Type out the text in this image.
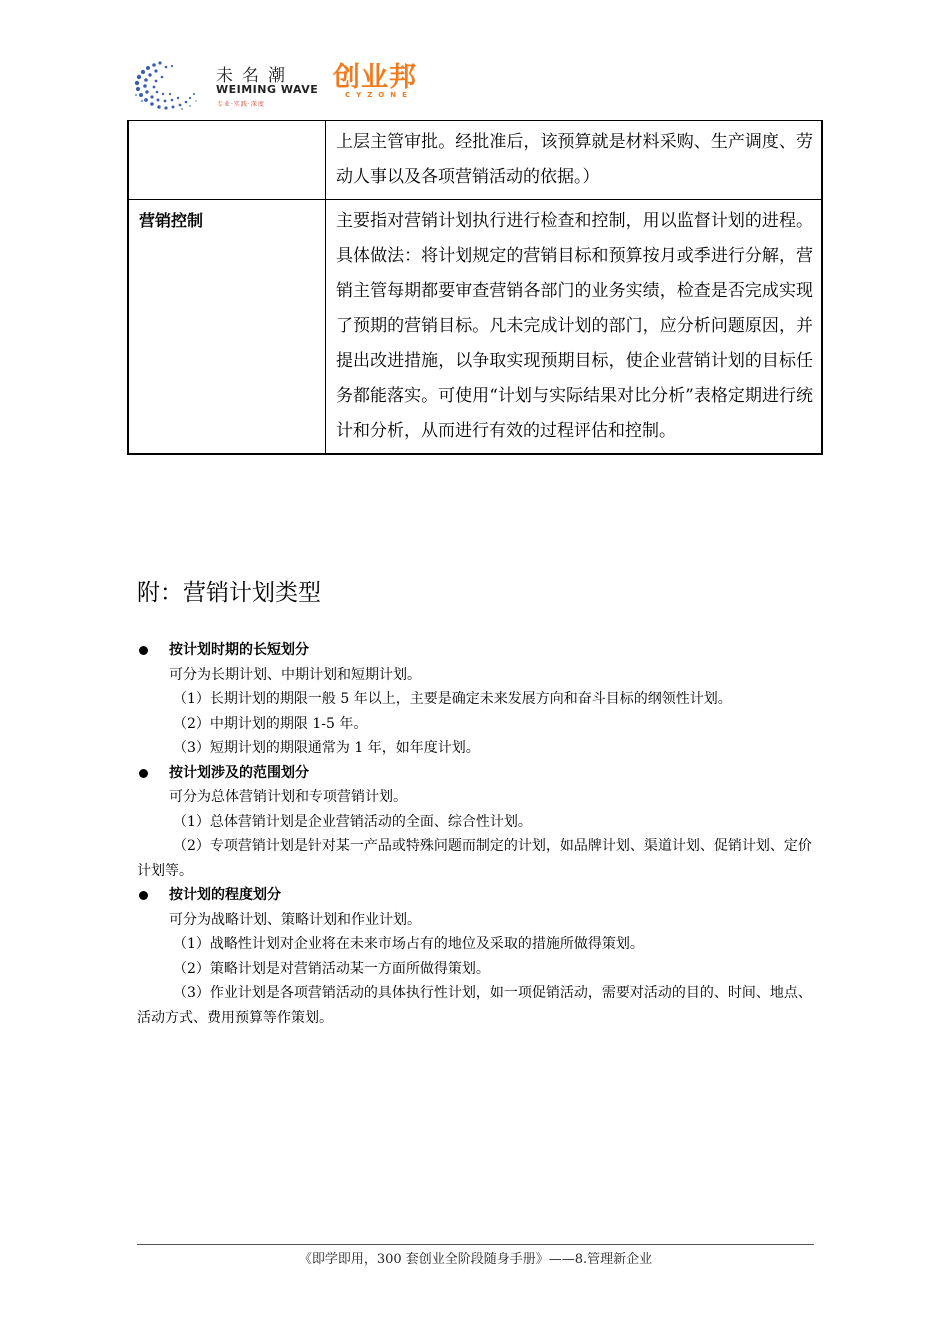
未名潮
WEIMING WAVE
专业·实践·深度
创业邦
CYZONE
	上层主管审批。经批准后，该预算就是材料采购、生产调度、劳动人事以及各项营销活动的依据。）
营销控制	主要指对营销计划执行进行检查和控制，用以监督计划的进程。具体做法：将计划规定的营销目标和预算按月或季进行分解，营销主管每期都要审查营销各部门的业务实绩，检查是否完成实现了预期的营销目标。凡未完成计划的部门，应分析问题原因，并提出改进措施，以争取实现预期目标，使企业营销计划的目标任务都能落实。可使用“计划与实际结果对比分析”表格定期进行统计和分析，从而进行有效的过程评估和控制。
附：营销计划类型
按计划时期的长短划分
可分为长期计划、中期计划和短期计划。
（1）长期计划的期限一般 5 年以上，主要是确定未来发展方向和奋斗目标的纲领性计划。
（2）中期计划的期限 1-5 年。
（3）短期计划的期限通常为 1 年，如年度计划。
按计划涉及的范围划分
可分为总体营销计划和专项营销计划。
（1）总体营销计划是企业营销活动的全面、综合性计划。
（2）专项营销计划是针对某一产品或特殊问题而制定的计划，如品牌计划、渠道计划、促销计划、定价计划等。
按计划的程度划分
可分为战略计划、策略计划和作业计划。
（1）战略性计划对企业将在未来市场占有的地位及采取的措施所做得策划。
（2）策略计划是对营销活动某一方面所做得策划。
（3）作业计划是各项营销活动的具体执行性计划，如一项促销活动，需要对活动的目的、时间、地点、活动方式、费用预算等作策划。
《即学即用，300 套创业全阶段随身手册》——8.管理新企业
